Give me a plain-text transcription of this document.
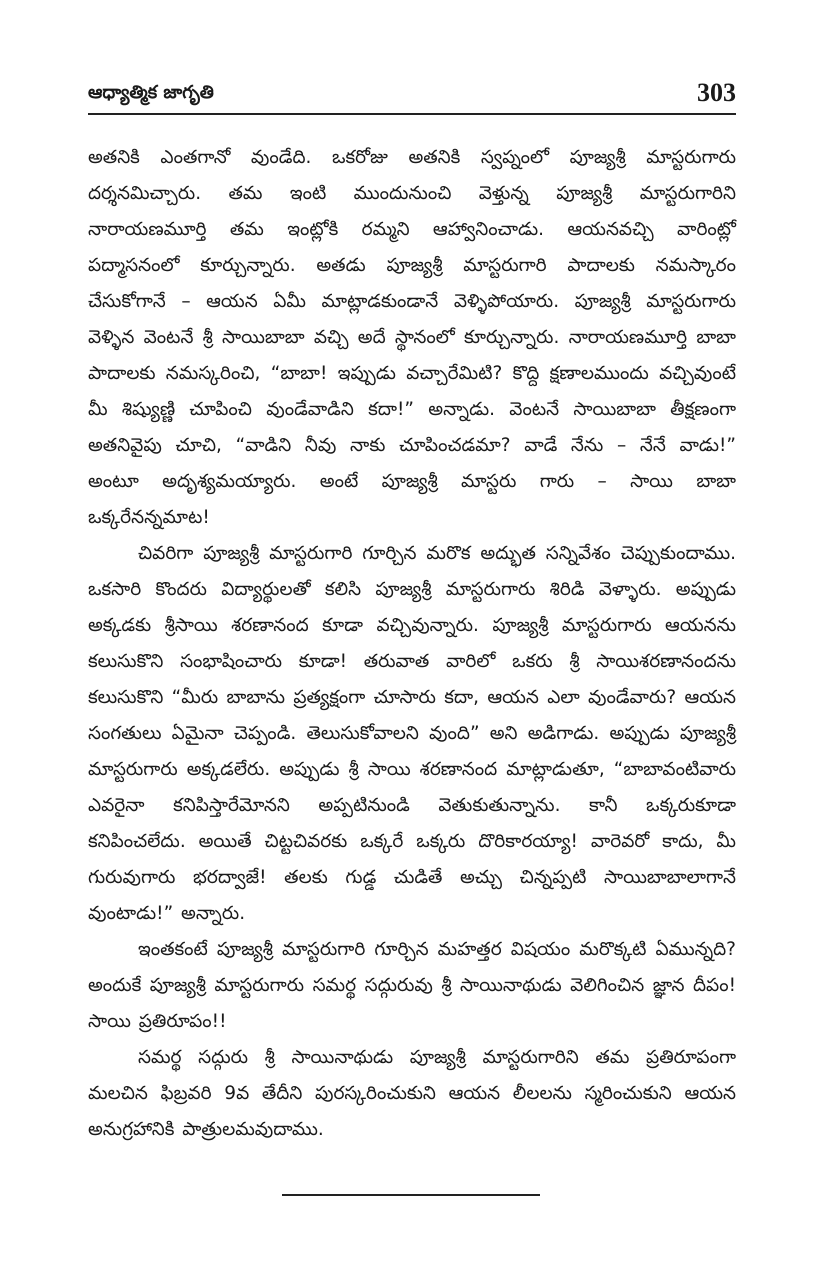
ఆధ్యాత్మిక జాగృతి	303

అతనికి ఎంతగానో వుండేది. ఒకరోజు అతనికి స్వప్నంలో పూజ్యశ్రీ మాస్టరుగారు దర్శనమిచ్చారు. తమ ఇంటి ముందునుంచి వెళ్తున్న పూజ్యశ్రీ మాస్టరుగారిని నారాయణమూర్తి తమ ఇంట్లోకి రమ్మని ఆహ్వానించాడు. ఆయనవచ్చి వారింట్లో పద్మాసనంలో కూర్చున్నారు. అతడు పూజ్యశ్రీ మాస్టరుగారి పాదాలకు నమస్కారం చేసుకోగానే – ఆయన ఏమీ మాట్లాడకుండానే వెళ్ళిపోయారు. పూజ్యశ్రీ మాస్టరుగారు వెళ్ళిన వెంటనే శ్రీ సాయిబాబా వచ్చి అదే స్థానంలో కూర్చున్నారు. నారాయణమూర్తి బాబా పాదాలకు నమస్కరించి, “బాబా! ఇప్పుడు వచ్చారేమిటి? కొద్ది క్షణాలముందు వచ్చివుంటే మీ శిష్యుణ్ణి చూపించి వుండేవాడిని కదా!” అన్నాడు. వెంటనే సాయిబాబా తీక్షణంగా అతనివైపు చూచి, “వాడిని నీవు నాకు చూపించడమా? వాడే నేను – నేనే వాడు!” అంటూ అదృశ్యమయ్యారు. అంటే పూజ్యశ్రీ మాస్టరు గారు – సాయి బాబా ఒక్కరేనన్నమాట!

చివరిగా పూజ్యశ్రీ మాస్టరుగారి గూర్చిన మరొక అద్భుత సన్నివేశం చెప్పుకుందాము. ఒకసారి కొందరు విద్యార్థులతో కలిసి పూజ్యశ్రీ మాస్టరుగారు శిరిడి వెళ్ళారు. అప్పుడు అక్కడకు శ్రీసాయి శరణానంద కూడా వచ్చివున్నారు. పూజ్యశ్రీ మాస్టరుగారు ఆయనను కలుసుకొని సంభాషించారు కూడా! తరువాత వారిలో ఒకరు శ్రీ సాయిశరణానందను కలుసుకొని “మీరు బాబాను ప్రత్యక్షంగా చూసారు కదా, ఆయన ఎలా వుండేవారు? ఆయన సంగతులు ఏమైనా చెప్పండి. తెలుసుకోవాలని వుంది” అని అడిగాడు. అప్పుడు పూజ్యశ్రీ మాస్టరుగారు అక్కడలేరు. అప్పుడు శ్రీ సాయి శరణానంద మాట్లాడుతూ, “బాబావంటివారు ఎవరైనా కనిపిస్తారేమోనని అప్పటినుండి వెతుకుతున్నాను. కానీ ఒక్కరుకూడా కనిపించలేదు. అయితే చిట్టచివరకు ఒక్కరే ఒక్కరు దొరికారయ్యా! వారెవరో కాదు, మీ గురువుగారు భరద్వాజే! తలకు గుడ్డ చుడితే అచ్చు చిన్నప్పటి సాయిబాబాలాగానే వుంటాడు!” అన్నారు.

ఇంతకంటే పూజ్యశ్రీ మాస్టరుగారి గూర్చిన మహత్తర విషయం మరొక్కటి ఏమున్నది?అందుకే పూజ్యశ్రీ మాస్టరుగారు సమర్థ సద్గురువు శ్రీ సాయినాథుడు వెలిగించిన జ్ఞాన దీపం! సాయి ప్రతిరూపం!!

సమర్థ సద్గురు శ్రీ సాయినాథుడు పూజ్యశ్రీ మాస్టరుగారిని తమ ప్రతిరూపంగా మలచిన ఫిబ్రవరి 9వ తేదీని పురస్కరించుకుని ఆయన లీలలను స్మరించుకుని ఆయన అనుగ్రహానికి పాత్రులమవుదాము.
